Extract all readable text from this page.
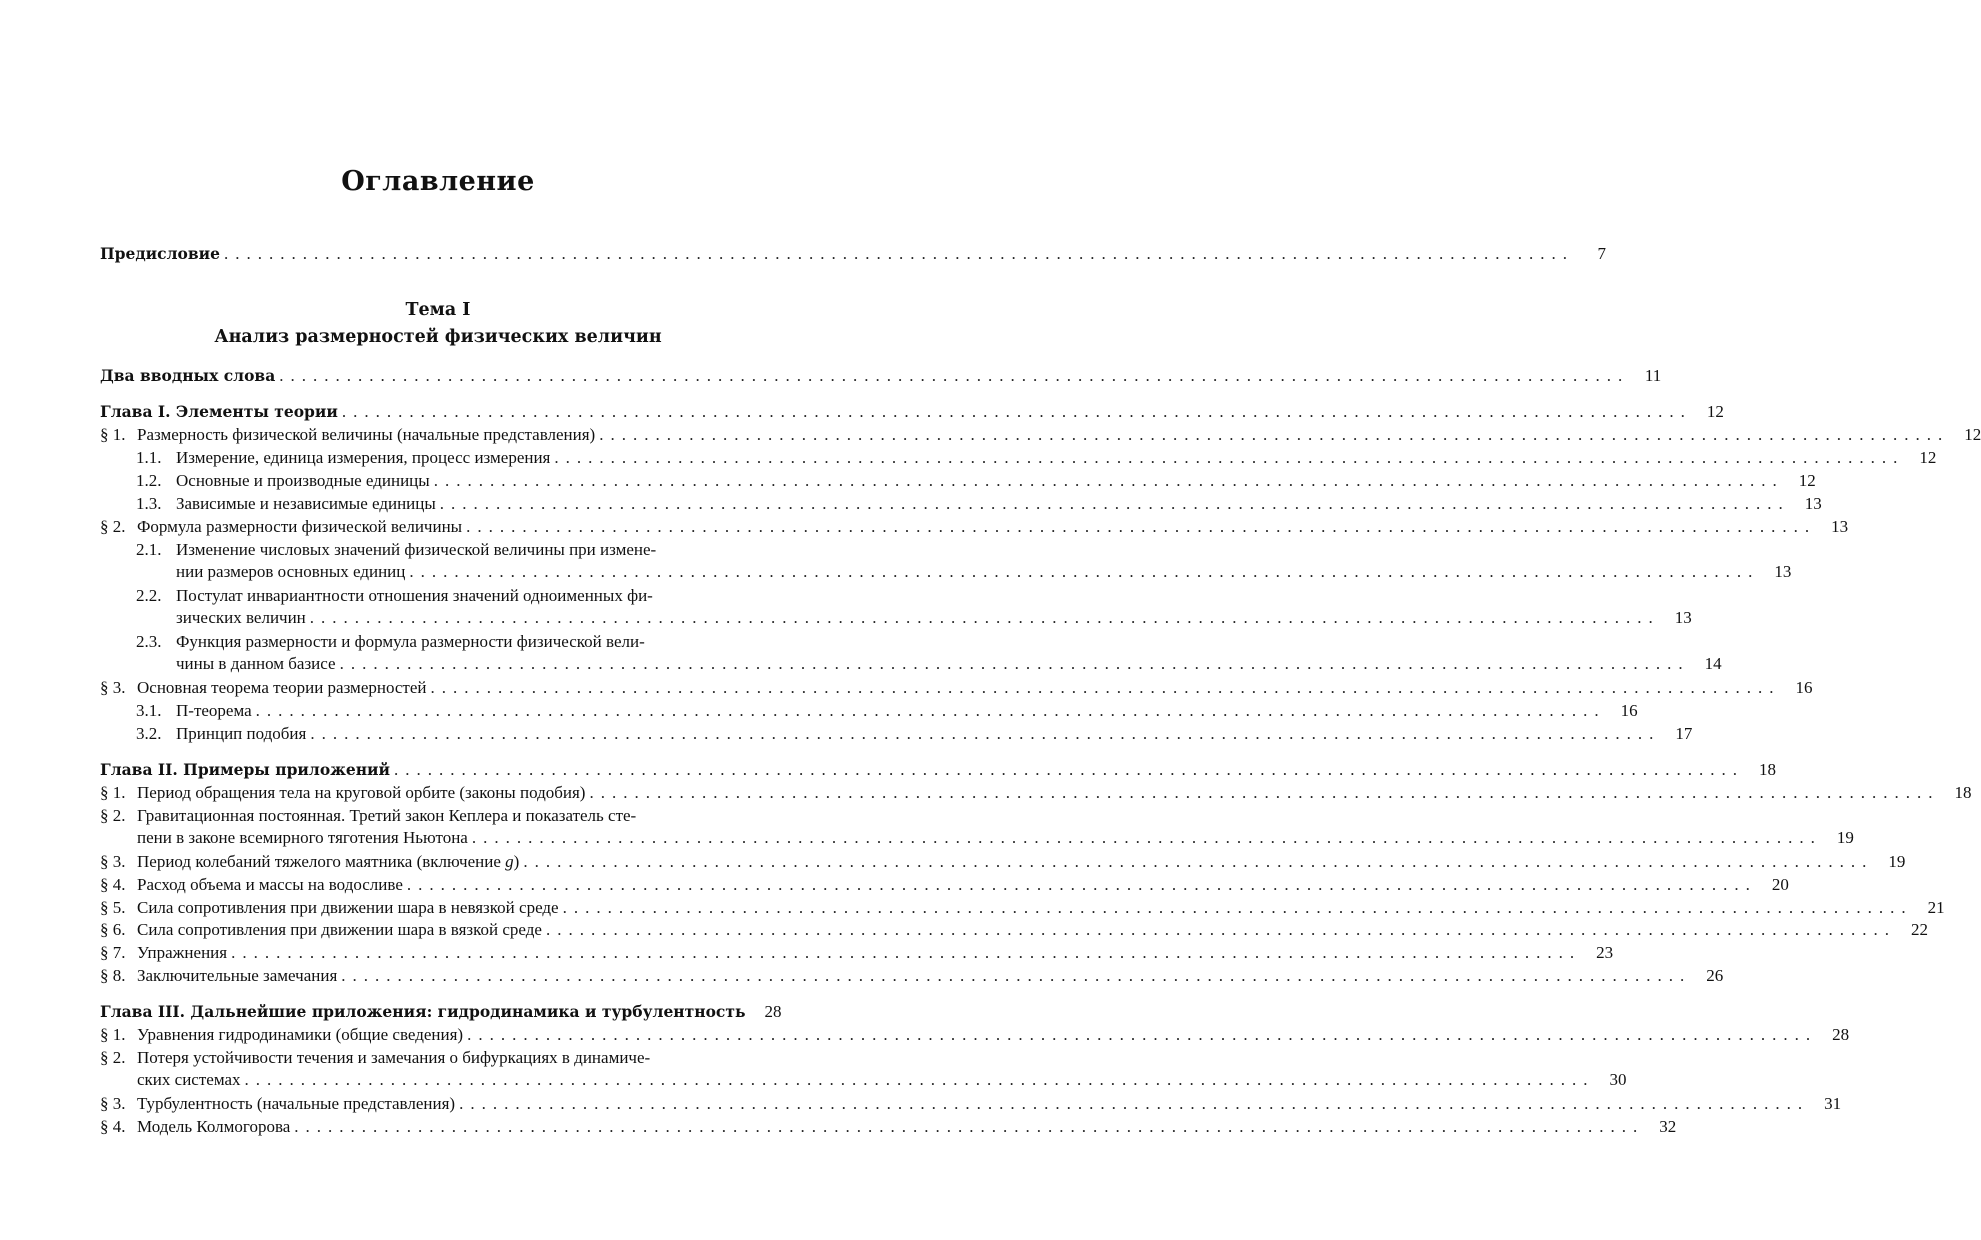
Оглавление
Предисловие ........................................................................................................................	7
Тема I
Анализ размерностей физических величин
Два вводных слова ........................................................................................................................ 11
Глава I. Элементы теории ........................................................................................................................ 12
§ 1. Размерность физической величины (начальные представления) ........................................................................................................................ 12
1.1. Измерение, единица измерения, процесс измерения ........................................................................................................................ 12
1.2. Основные и производные единицы ........................................................................................................................ 12
1.3. Зависимые и независимые единицы ........................................................................................................................ 13
§ 2. Формула размерности физической величины ........................................................................................................................ 13
2.1. Изменение числовых значений физической величины при измене-
нии размеров основных единиц ........................................................................................................................ 13
2.2. Постулат инвариантности отношения значений одноименных фи-
зических величин ........................................................................................................................ 13
2.3. Функция размерности и формула размерности физической вели-
чины в данном базисе ........................................................................................................................ 14
§ 3. Основная теорема теории размерностей ........................................................................................................................ 16
3.1. П-теорема ........................................................................................................................ 16
3.2. Принцип подобия ........................................................................................................................ 17
Глава II. Примеры приложений ........................................................................................................................ 18
§ 1. Период обращения тела на круговой орбите (законы подобия) ........................................................................................................................ 18
§ 2. Гравитационная постоянная. Третий закон Кеплера и показатель сте-
пени в законе всемирного тяготения Ньютона ........................................................................................................................ 19
§ 3. Период колебаний тяжелого маятника (включение g) ........................................................................................................................ 19
§ 4. Расход объема и массы на водосливе ........................................................................................................................ 20
§ 5. Сила сопротивления при движении шара в невязкой среде ........................................................................................................................ 21
§ 6. Сила сопротивления при движении шара в вязкой среде ........................................................................................................................ 22
§ 7. Упражнения ........................................................................................................................ 23
§ 8. Заключительные замечания ........................................................................................................................ 26
Глава III. Дальнейшие приложения: гидродинамика и турбулентность	28
§ 1. Уравнения гидродинамики (общие сведения) ........................................................................................................................ 28
§ 2. Потеря устойчивости течения и замечания о бифуркациях в динамиче-
ских системах ........................................................................................................................ 30
§ 3. Турбулентность (начальные представления) ........................................................................................................................ 31
§ 4. Модель Колмогорова ........................................................................................................................ 32
